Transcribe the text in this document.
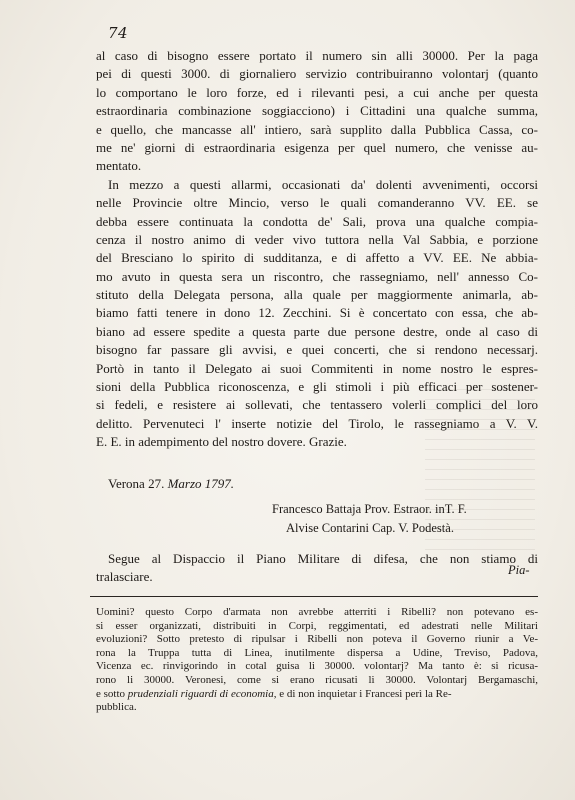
74
al caso di bisogno essere portato il numero sin alli 30000. Per la paga
pei di questi 3000. di giornaliero servizio contribuiranno volontarj (quanto
lo comportano le loro forze, ed i rilevanti pesi, a cui anche per questa
estraordinaria combinazione soggiacciono) i Cittadini una qualche summa,
e quello, che mancasse all' intiero, sarà supplito dalla Pubblica Cassa, co-
me ne' giorni di estraordinaria esigenza per quel numero, che venisse au-
mentato.
In mezzo a questi allarmi, occasionati da' dolenti avvenimenti, occorsi
nelle Provincie oltre Mincio, verso le quali comanderanno VV. EE. se
debba essere continuata la condotta de' Sali, prova una qualche compia-
cenza il nostro animo di veder vivo tuttora nella Val Sabbia, e porzione
del Bresciano lo spirito di sudditanza, e di affetto a VV. EE. Ne abbia-
mo avuto in questa sera un riscontro, che rassegniamo, nell' annesso Co-
stituto della Delegata persona, alla quale per maggiormente animarla, ab-
biamo fatti tenere in dono 12. Zecchini. Si è concertato con essa, che ab-
biano ad essere spedite a questa parte due persone destre, onde al caso di
bisogno far passare gli avvisi, e quei concerti, che si rendono necessarj.
Portò in tanto il Delegato ai suoi Commitenti in nome nostro le espres-
sioni della Pubblica riconoscenza, e gli stimoli i più efficaci per sostener-
si fedeli, e resistere ai sollevati, che tentassero volerli complici del loro
delitto. Pervenuteci l' inserte notizie del Tirolo, le rassegniamo a V. V.
E. E. in adempimento del nostro dovere. Grazie.
Verona 27. Marzo 1797.
Francesco Battaja Prov. Estraor. inT. F.
Alvise Contarini Cap. V. Podestà.
Segue al Dispaccio il Piano Militare di difesa, che non stiamo di
tralasciare.	Pia-
Uomini? questo Corpo d'armata non avrebbe atterriti i Ribelli? non potevano es-
si esser organizzati, distribuiti in Corpi, reggimentati, ed adestrati nelle Militari
evoluzioni? Sotto pretesto di ripulsar i Ribelli non poteva il Governo riunir a Ve-
rona la Truppa tutta di Linea, inutilmente dispersa a Udine, Treviso, Padova,
Vicenza ec. rinvigorindo in cotal guisa li 30000. volontarj? Ma tanto è: si ricusa-
rono li 30000. Veronesi, come si erano ricusati li 30000. Volontarj Bergamaschi,
e sotto prudenziali riguardi di economia, e di non inquietar i Francesi perì la Re-
pubblica.
